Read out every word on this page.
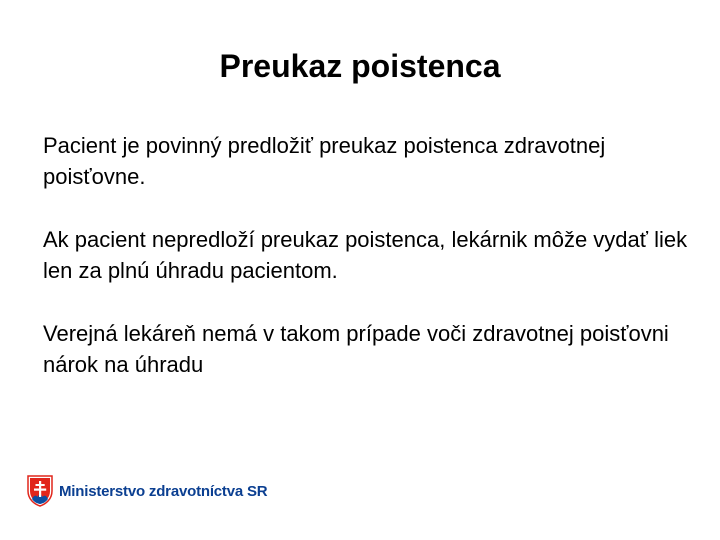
Preukaz poistenca

Pacient je povinný predložiť preukaz poistenca zdravotnej poisťovne.

Ak pacient nepredloží preukaz poistenca, lekárnik môže vydať liek len za plnú úhradu pacientom.

Verejná lekáreň nemá v takom prípade voči zdravotnej poisťovni nárok na úhradu

Ministerstvo zdravotníctva SR
